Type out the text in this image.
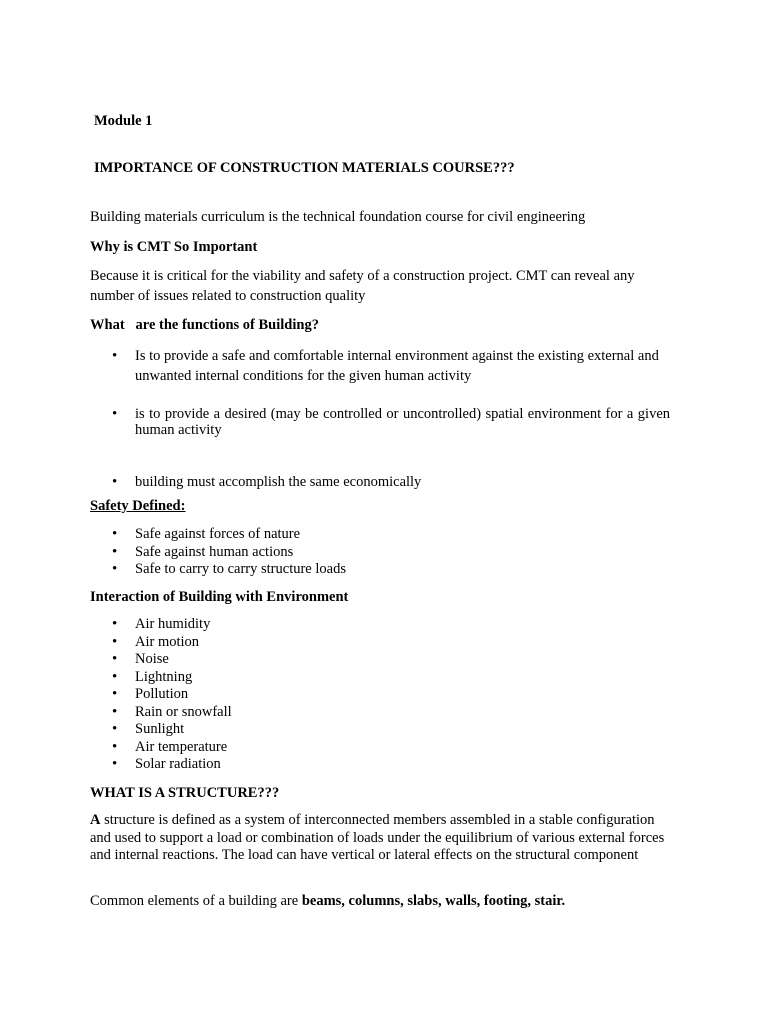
Module 1

IMPORTANCE OF CONSTRUCTION MATERIALS COURSE???

Building materials curriculum is the technical foundation course for civil engineering

Why is CMT So Important

Because it is critical for the viability and safety of a construction project. CMT can reveal any number of issues related to construction quality

What   are the functions of Building?

• Is to provide a safe and comfortable internal environment against the existing external and unwanted internal conditions for the given human activity
• is to provide a desired (may be controlled or uncontrolled) spatial environment for a given human activity
• building must accomplish the same economically

Safety Defined:

• Safe against forces of nature
• Safe against human actions
• Safe to carry to carry structure loads

Interaction of Building with Environment

• Air humidity
• Air motion
• Noise
• Lightning
• Pollution
• Rain or snowfall
• Sunlight
• Air temperature
• Solar radiation

WHAT IS A STRUCTURE???

A structure is defined as a system of interconnected members assembled in a stable configuration and used to support a load or combination of loads under the equilibrium of various external forces and internal reactions. The load can have vertical or lateral effects on the structural component

Common elements of a building are beams, columns, slabs, walls, footing, stair.
